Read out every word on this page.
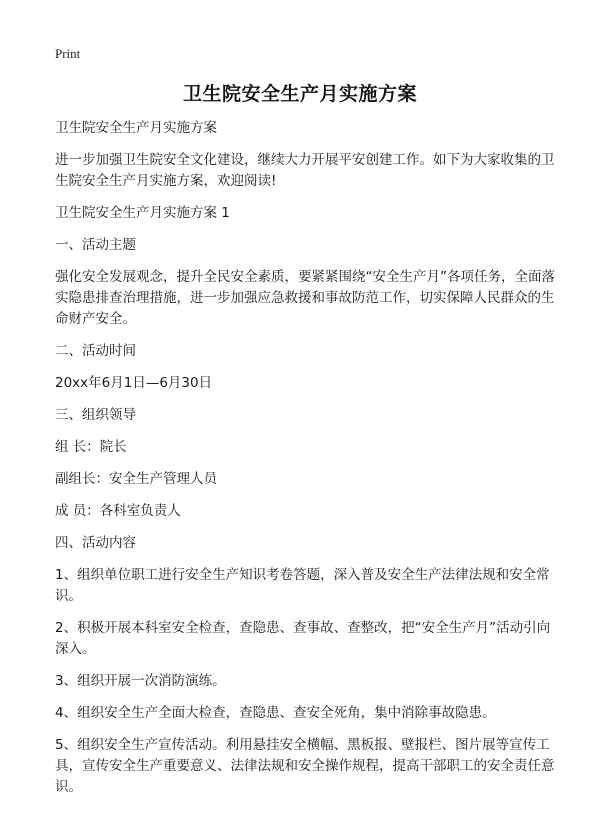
Print
卫生院安全生产月实施方案

卫生院安全生产月实施方案

进一步加强卫生院安全文化建设，继续大力开展平安创建工作。如下为大家收集的卫生院安全生产月实施方案，欢迎阅读!

卫生院安全生产月实施方案 1

一、活动主题

强化安全发展观念，提升全民安全素质，要紧紧围绕“安全生产月”各项任务，全面落实隐患排查治理措施，进一步加强应急救援和事故防范工作，切实保障人民群众的生命财产安全。

二、活动时间

20xx年6月1日—6月30日

三、组织领导

组 长：院长

副组长：安全生产管理人员

成 员：各科室负责人

四、活动内容

1、组织单位职工进行安全生产知识考卷答题，深入普及安全生产法律法规和安全常识。

2、积极开展本科室安全检查，查隐患、查事故、查整改，把“安全生产月”活动引向深入。

3、组织开展一次消防演练。

4、组织安全生产全面大检查，查隐患、查安全死角，集中消除事故隐患。

5、组织安全生产宣传活动。利用悬挂安全横幅、黑板报、壁报栏、图片展等宣传工具，宣传安全生产重要意义、法律法规和安全操作规程，提高干部职工的安全责任意识。
